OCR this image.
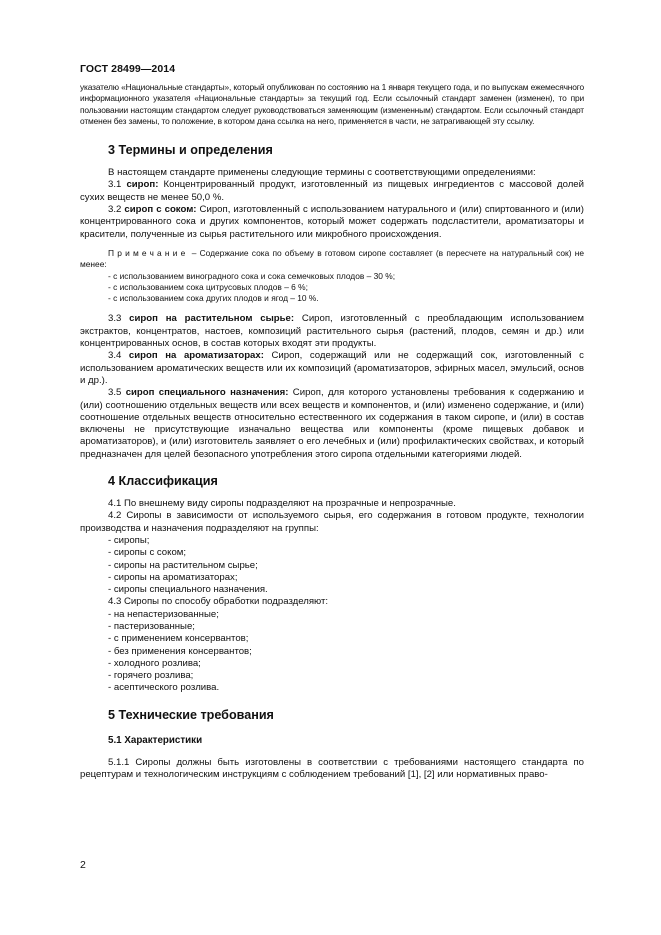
ГОСТ 28499—2014

указателю «Национальные стандарты», который опубликован по состоянию на 1 января текущего года, и по выпускам ежемесячного информационного указателя «Национальные стандарты» за текущий год. Если ссылочный стандарт заменен (изменен), то при пользовании настоящим стандартом следует руководствоваться заменяющим (измененным) стандартом. Если ссылочный стандарт отменен без замены, то положение, в котором дана ссылка на него, применяется в части, не затрагивающей эту ссылку.

3 Термины и определения

В настоящем стандарте применены следующие термины с соответствующими определениями:

3.1 сироп: Концентрированный продукт, изготовленный из пищевых ингредиентов с массовой долей сухих веществ не менее 50,0 %.

3.2 сироп с соком: Сироп, изготовленный с использованием натурального и (или) спиртованного и (или) концентрированного сока и других компонентов, который может содержать подсластители, ароматизаторы и красители, полученные из сырья растительного или микробного происхождения.

Примечание – Содержание сока по объему в готовом сиропе составляет (в пересчете на натуральный сок) не менее:

- с использованием виноградного сока и сока семечковых плодов – 30 %;
- с использованием сока цитрусовых плодов – 6 %;
- с использованием сока других плодов и ягод – 10 %.

3.3 сироп на растительном сырье: Сироп, изготовленный с преобладающим использованием экстрактов, концентратов, настоев, композиций растительного сырья (растений, плодов, семян и др.) или концентрированных основ, в состав которых входят эти продукты.

3.4 сироп на ароматизаторах: Сироп, содержащий или не содержащий сок, изготовленный с использованием ароматических веществ или их композиций (ароматизаторов, эфирных масел, эмульсий, основ и др.).

3.5 сироп специального назначения: Сироп, для которого установлены требования к содержанию и (или) соотношению отдельных веществ или всех веществ и компонентов, и (или) изменено содержание, и (или) соотношение отдельных веществ относительно естественного их содержания в таком сиропе, и (или) в состав включены не присутствующие изначально вещества или компоненты (кроме пищевых добавок и ароматизаторов), и (или) изготовитель заявляет о его лечебных и (или) профилактических свойствах, и который предназначен для целей безопасного употребления этого сиропа отдельными категориями людей.

4 Классификация

4.1 По внешнему виду сиропы подразделяют на прозрачные и непрозрачные.

4.2 Сиропы в зависимости от используемого сырья, его содержания в готовом продукте, технологии производства и назначения подразделяют на группы:

- сиропы;
- сиропы с соком;
- сиропы на растительном сырье;
- сиропы на ароматизаторах;
- сиропы специального назначения.

4.3 Сиропы по способу обработки подразделяют:

- на непастеризованные;
- пастеризованные;
- с применением консервантов;
- без применения консервантов;
- холодного розлива;
- горячего розлива;
- асептического розлива.
5 Технические требования
5.1 Характеристики

5.1.1 Сиропы должны быть изготовлены в соответствии с требованиями настоящего стандарта по рецептурам и технологическим инструкциям с соблюдением требований [1], [2] или нормативных право-

2
